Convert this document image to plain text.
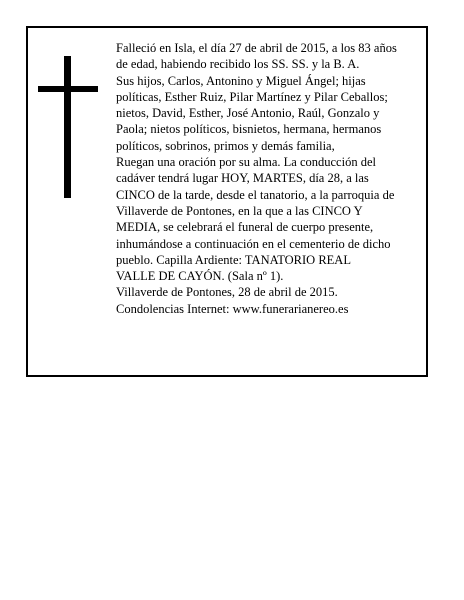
Falleció en Isla, el día 27 de abril de 2015, a los 83 años

de edad, habiendo recibido los SS. SS. y la B. A.

Sus hijos, Carlos, Antonino y Miguel Ángel; hijas

políticas, Esther Ruiz, Pilar Martínez y Pilar Ceballos;

nietos, David, Esther, José Antonio, Raúl, Gonzalo y

Paola; nietos políticos, bisnietos, hermana, hermanos

políticos, sobrinos, primos y demás familia,

Ruegan una oración por su alma. La conducción del

cadáver tendrá lugar HOY, MARTES, día 28, a las

CINCO de la tarde, desde el tanatorio, a la parroquia de

Villaverde de Pontones, en la que a las CINCO Y

MEDIA, se celebrará el funeral de cuerpo presente,

inhumándose a continuación en el cementerio de dicho

pueblo. Capilla Ardiente: TANATORIO REAL

VALLE DE CAYÓN. (Sala nº 1).

Villaverde de Pontones, 28 de abril de 2015.

Condolencias Internet: www.funerarianereo.es
